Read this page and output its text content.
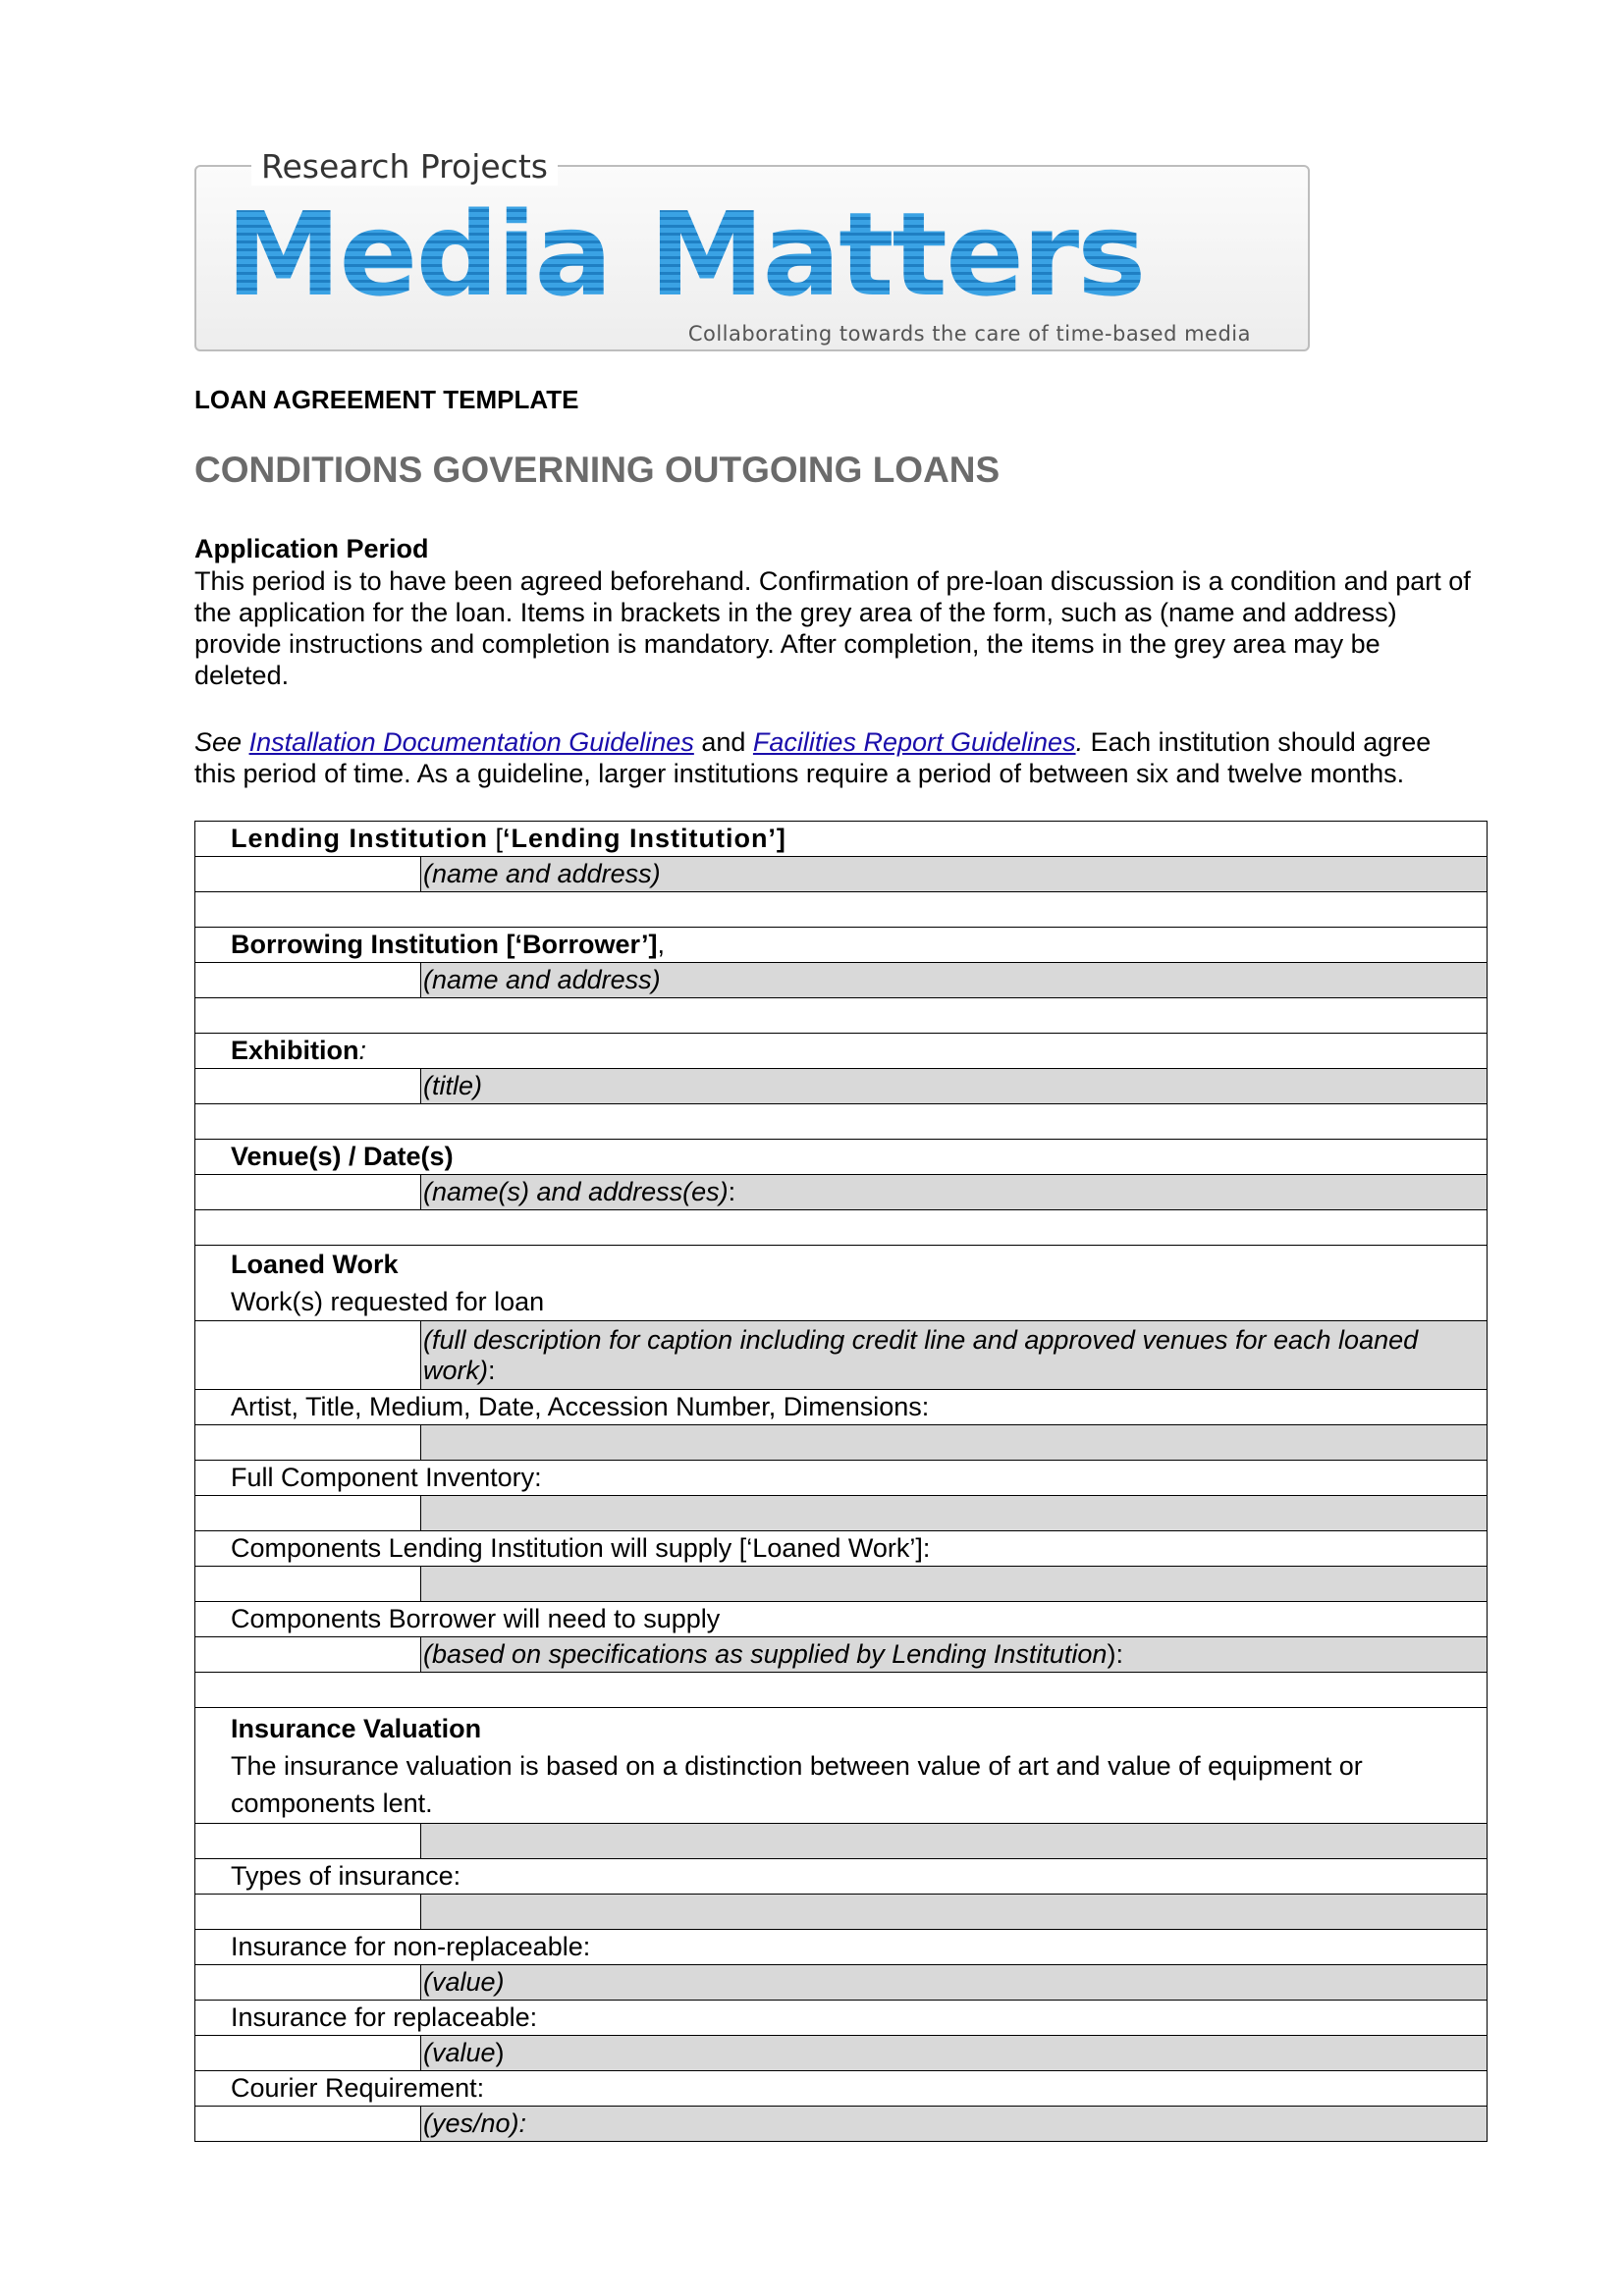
Research Projects
Media Matters
Collaborating towards the care of time-based media
LOAN AGREEMENT TEMPLATE
CONDITIONS GOVERNING OUTGOING LOANS
Application Period
This period is to have been agreed beforehand. Confirmation of pre-loan discussion is a condition and part of the application for the loan. Items in brackets in the grey area of the form, such as (name and address) provide instructions and completion is mandatory. After completion, the items in the grey area may be deleted.
See Installation Documentation Guidelines and Facilities Report Guidelines. Each institution should agree this period of time. As a guideline, larger institutions require a period of between six and twelve months.
Lending Institution [‘Lending Institution’]	
	(name and address)

Borrowing Institution [‘Borrower’],	
	(name and address)

Exhibition:	
	(title)

Venue(s) / Date(s)	
	(name(s) and address(es):

Loaned Work
Work(s) requested for loan	
	(full description for caption including credit line and approved venues for each loaned work):
Artist, Title, Medium, Date, Accession Number, Dimensions:	

Full Component Inventory:	

Components Lending Institution will supply [‘Loaned Work’]:	

Components Borrower will need to supply	
	(based on specifications as supplied by Lending Institution):

Insurance Valuation
The insurance valuation is based on a distinction between value of art and value of equipment or components lent.	

Types of insurance:	

Insurance for non-replaceable:	
	(value)
Insurance for replaceable:	
	(value)
Courier Requirement:	
	(yes/no):
